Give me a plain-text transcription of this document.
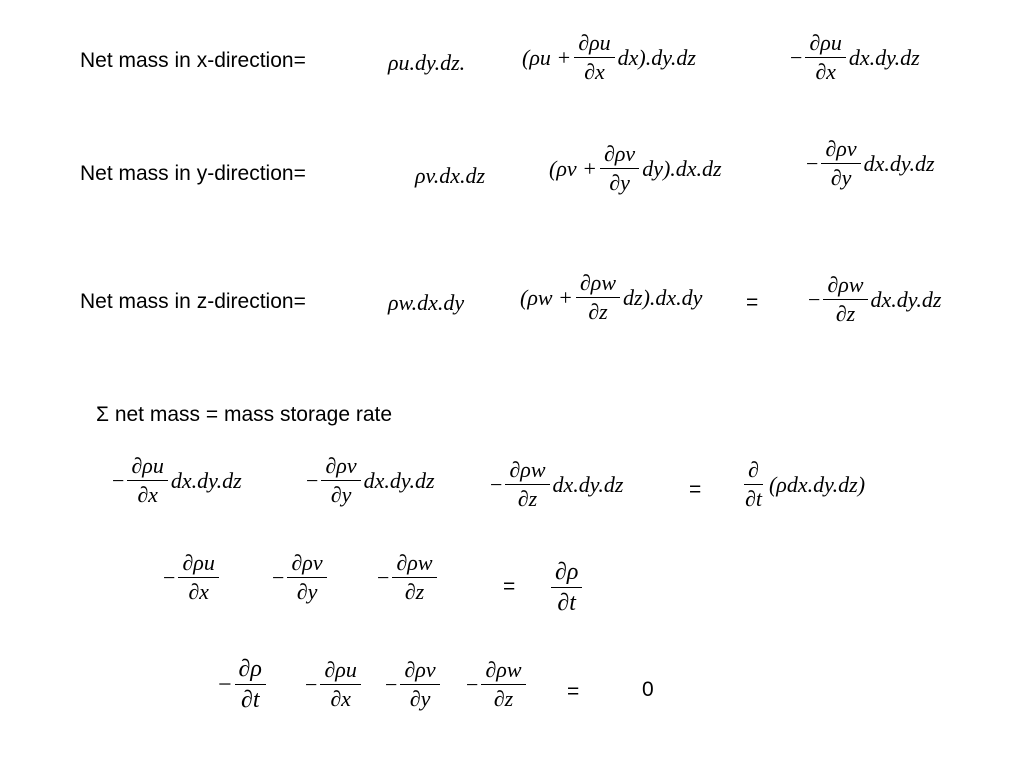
Net mass in x-direction=	ρu.dy.dz.	$(\rho u + \frac{\partial\rho u}{\partial x} dx).dy.dz$	− $\frac{\partial\rho u}{\partial x} dx.dy.dz$
Net mass in y-direction=	ρv.dx.dz	$(\rho v + \frac{\partial\rho v}{\partial y} dy).dx.dz$	− $\frac{\partial\rho v}{\partial y} dx.dy.dz$
Net mass in z-direction=	ρw.dx.dy	$(\rho w + \frac{\partial\rho w}{\partial z} dz).dx.dy$ = − $\frac{\partial\rho w}{\partial z} dx.dy.dz$
Σ net mass = mass storage rate
− $\frac{\partial\rho u}{\partial x} dx.dy.dz$	− $\frac{\partial\rho v}{\partial y} dx.dy.dz$	− $\frac{\partial\rho w}{\partial z} dx.dy.dz$	= $\frac{\partial}{\partial t} (\rho dx.dy.dz)$
− $\frac{\partial\rho u}{\partial x} - \frac{\partial\rho v}{\partial y} - \frac{\partial\rho w}{\partial z}$	= $\frac{\partial\rho}{\partial t}$
− $\frac{\partial\rho}{\partial t} - \frac{\partial\rho u}{\partial x} - \frac{\partial\rho v}{\partial y} - \frac{\partial\rho w}{\partial z}$ =	0
